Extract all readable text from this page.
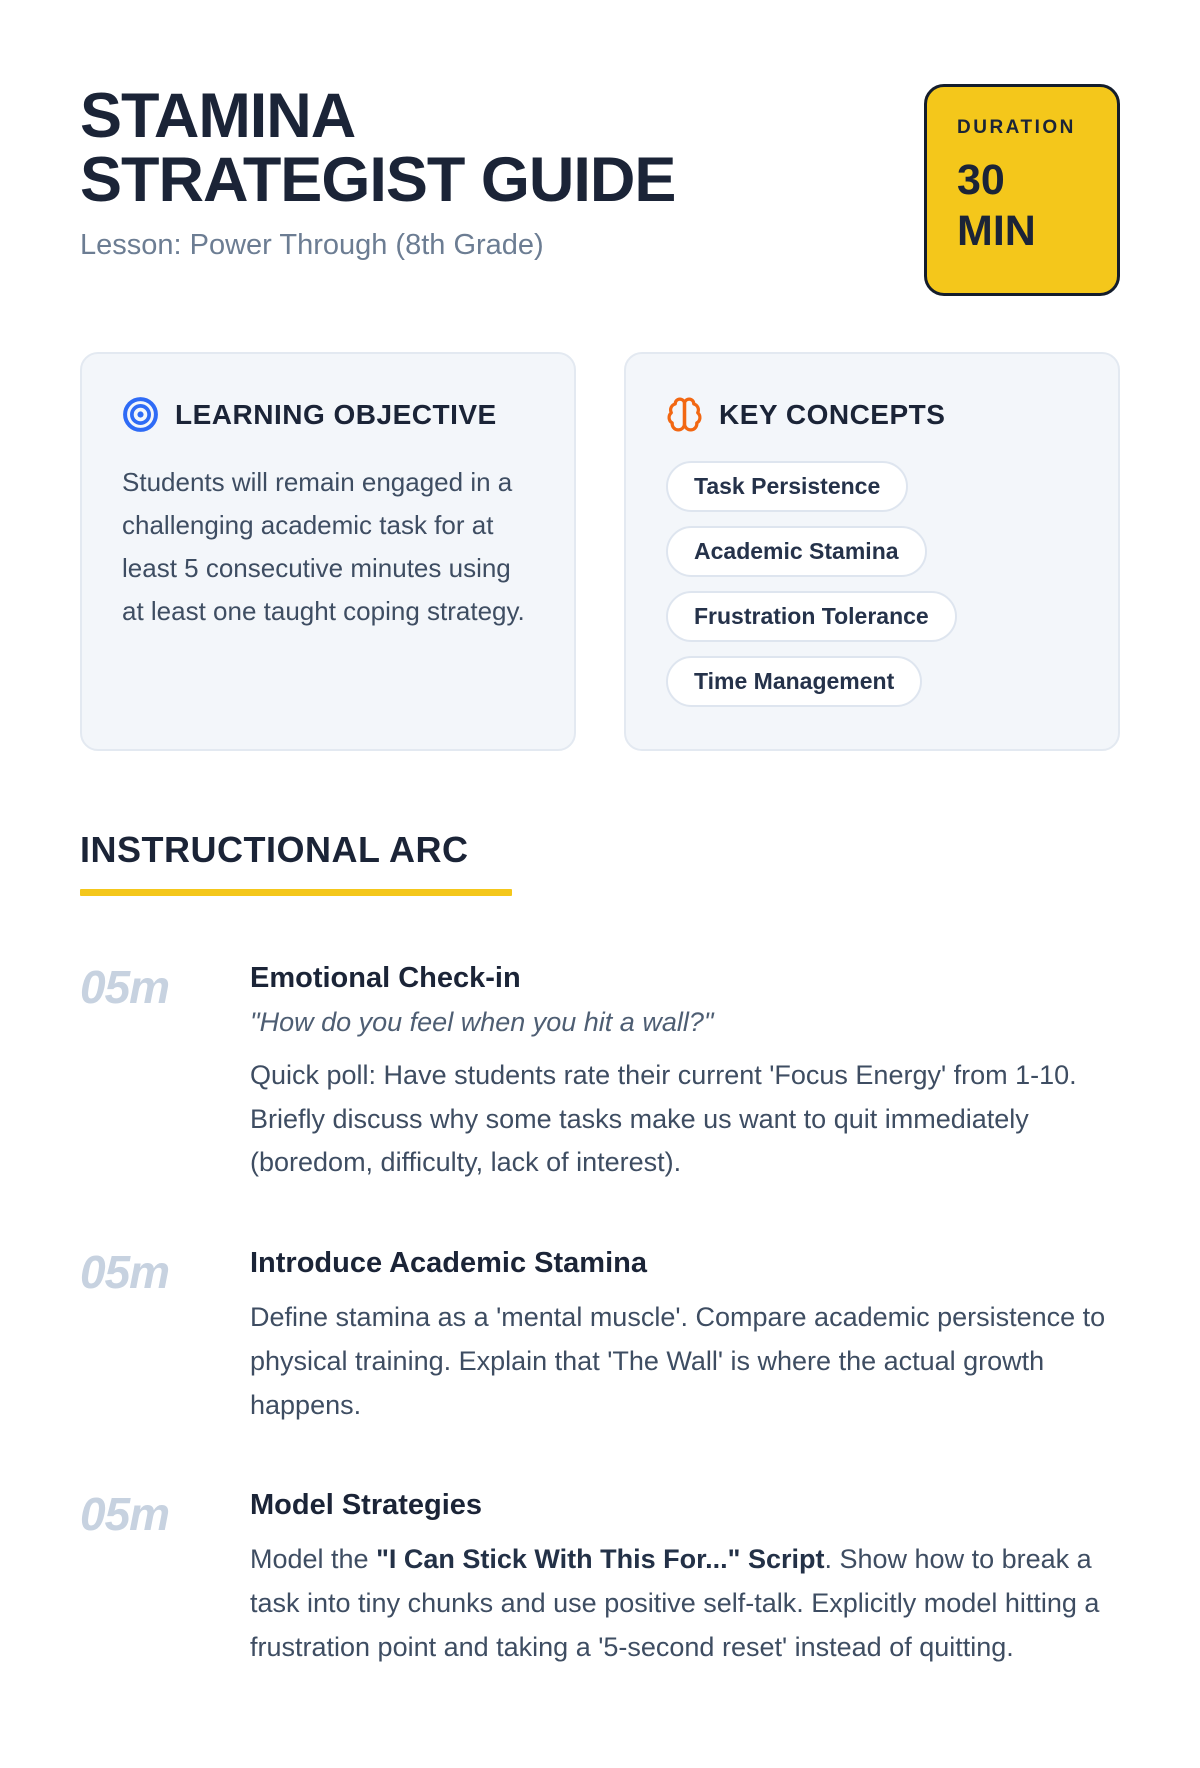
STAMINA
STRATEGIST GUIDE
Lesson: Power Through (8th Grade)
DURATION
30
MIN
LEARNING OBJECTIVE
Students will remain engaged in a challenging academic task for at least 5 consecutive minutes using at least one taught coping strategy.
KEY CONCEPTS
Task Persistence
Academic Stamina
Frustration Tolerance
Time Management
INSTRUCTIONAL ARC
05m	Emotional Check-in
"How do you feel when you hit a wall?"

Quick poll: Have students rate their current 'Focus Energy' from 1-10. Briefly discuss why some tasks make us want to quit immediately (boredom, difficulty, lack of interest).

05m	Introduce Academic Stamina

Define stamina as a 'mental muscle'. Compare academic persistence to physical training. Explain that 'The Wall' is where the actual growth happens.

05m	Model Strategies

Model the "I Can Stick With This For..." Script. Show how to break a task into tiny chunks and use positive self-talk. Explicitly model hitting a frustration point and taking a '5-second reset' instead of quitting.
